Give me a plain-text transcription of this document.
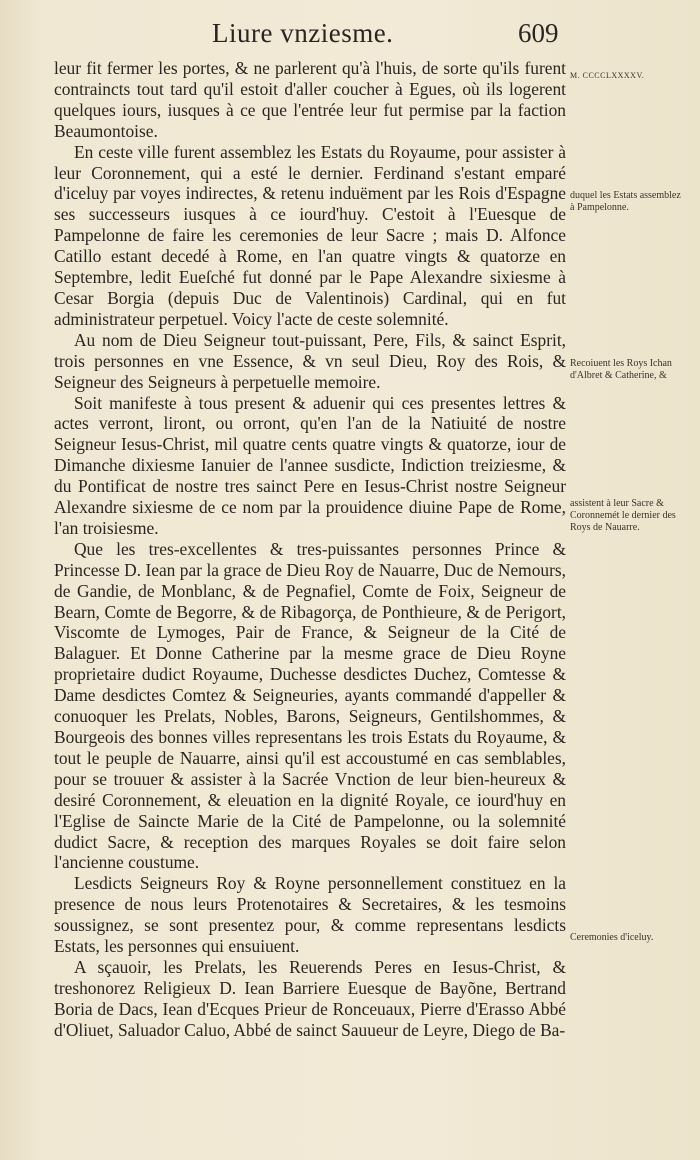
Liure vnziesme.	609
M. CCCCLXXXXV.
duquel les Estats assemblez à Pampelonne.
Recoiuent les Roys Ichan d'Albret & Catherine, &
assistent à leur Sacre & Coronnemét le dernier des Roys de Nauarre.
Ceremonies d'iceluy.

leur fit fermer les portes, & ne parlerent qu'à l'huis, de sorte qu'ils furent contraincts tout tard qu'il estoit d'aller coucher à Egues, où ils logerent quelques iours, iusques à ce que l'entrée leur fut permise par la faction Beaumontoise.

En ceste ville furent assemblez les Estats du Royaume, pour assister à leur Coronnement, qui a esté le dernier. Ferdinand s'estant emparé d'iceluy par voyes indirectes, & retenu induëment par les Rois d'Espagne ses successeurs iusques à ce iourd'huy. C'estoit à l'Euesque de Pampelonne de faire les ceremonies de leur Sacre ; mais D. Alfonce Catillo estant decedé à Rome, en l'an quatre vingts & quatorze en Septembre, ledit Eueſché fut donné par le Pape Alexandre sixiesme à Cesar Borgia (depuis Duc de Valentinois) Cardinal, qui en fut administrateur perpetuel. Voicy l'acte de ceste solemnité.

Au nom de Dieu Seigneur tout-puissant, Pere, Fils, & sainct Esprit, trois personnes en vne Essence, & vn seul Dieu, Roy des Rois, & Seigneur des Seigneurs à perpetuelle memoire.

Soit manifeste à tous present & aduenir qui ces presentes lettres & actes verront, liront, ou orront, qu'en l'an de la Natiuité de nostre Seigneur Iesus-Christ, mil quatre cents quatre vingts & quatorze, iour de Dimanche dixiesme Ianuier de l'annee susdicte, Indiction treiziesme, & du Pontificat de nostre tres sainct Pere en Iesus-Christ nostre Seigneur Alexandre sixiesme de ce nom par la prouidence diuine Pape de Rome, l'an troisiesme.

Que les tres-excellentes & tres-puissantes personnes Prince & Princesse D. Iean par la grace de Dieu Roy de Nauarre, Duc de Nemours, de Gandie, de Monblanc, & de Pegnafiel, Comte de Foix, Seigneur de Bearn, Comte de Begorre, & de Ribagorça, de Ponthieure, & de Perigort, Viscomte de Lymoges, Pair de France, & Seigneur de la Cité de Balaguer. Et Donne Catherine par la mesme grace de Dieu Royne proprietaire dudict Royaume, Duchesse desdictes Duchez, Comtesse & Dame desdictes Comtez & Seigneuries, ayants commandé d'appeller & conuoquer les Prelats, Nobles, Barons, Seigneurs, Gentilshommes, & Bourgeois des bonnes villes representans les trois Estats du Royaume, & tout le peuple de Nauarre, ainsi qu'il est accoustumé en cas semblables, pour se trouuer & assister à la Sacrée Vnction de leur bien-heureux & desiré Coronnement, & eleuation en la dignité Royale, ce iourd'huy en l'Eglise de Saincte Marie de la Cité de Pampelonne, ou la solemnité dudict Sacre, & reception des marques Royales se doit faire selon l'ancienne coustume.

Lesdicts Seigneurs Roy & Royne personnellement constituez en la presence de nous leurs Protenotaires & Secretaires, & les tesmoins soussignez, se sont presentez pour, & comme representans lesdicts Estats, les personnes qui ensuiuent.

A sçauoir, les Prelats, les Reuerends Peres en Iesus-Christ, & treshonorez Religieux D. Iean Barriere Euesque de Bayõne, Bertrand Boria de Dacs, Iean d'Ecques Prieur de Ronceuaux, Pierre d'Erasso Abbé d'Oliuet, Saluador Caluo, Abbé de sainct Sauueur de Leyre, Diego de Ba-
